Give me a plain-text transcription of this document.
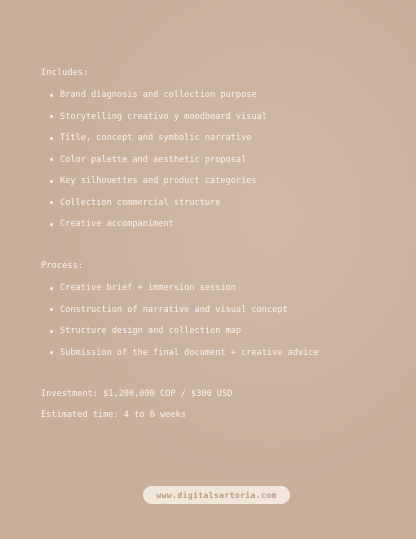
Includes:
Brand diagnosis and collection purpose
Storytelling creativo y moodboard visual
Title, concept and symbolic narrative
Color palette and aesthetic proposal
Key silhouettes and product categories
Collection commercial structure
Creative accompaniment
Process:
Creative brief + immersion session
Construction of narrative and visual concept
Structure design and collection map
Submission of the final document + creative advice
Investment: $1,200,000 COP / $300 USD
Estimated time: 4 to 6 weeks
www.digitalsartoria.com
